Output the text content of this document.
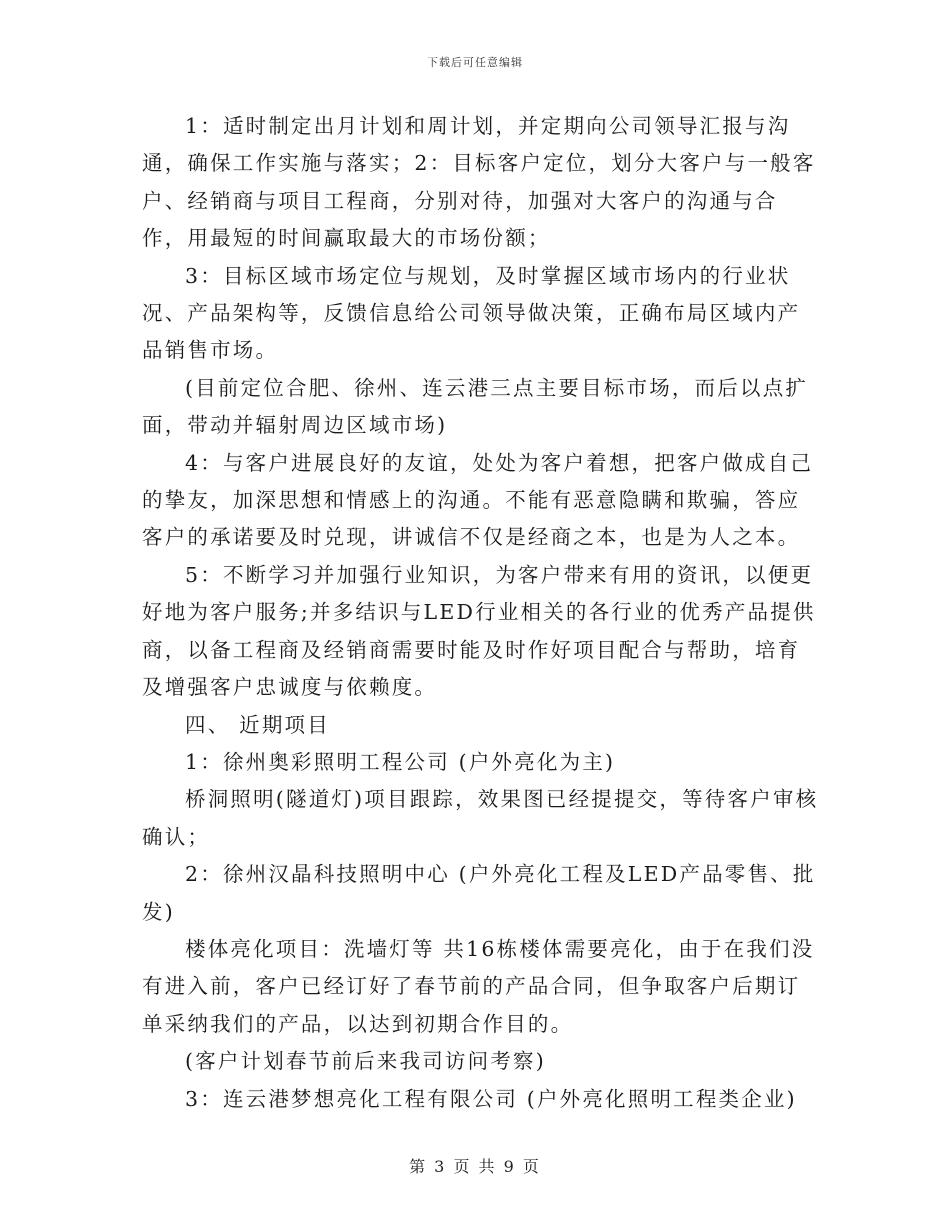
下载后可任意编辑

1：适时制定出月计划和周计划，并定期向公司领导汇报与沟通，确保工作实施与落实；2：目标客户定位，划分大客户与一般客户、经销商与项目工程商，分别对待，加强对大客户的沟通与合作，用最短的时间赢取最大的市场份额；

3：目标区域市场定位与规划，及时掌握区域市场内的行业状况、产品架构等，反馈信息给公司领导做决策，正确布局区域内产品销售市场。

(目前定位合肥、徐州、连云港三点主要目标市场，而后以点扩面，带动并辐射周边区域市场)

4：与客户进展良好的友谊，处处为客户着想，把客户做成自己的挚友，加深思想和情感上的沟通。不能有恶意隐瞒和欺骗，答应客户的承诺要及时兑现，讲诚信不仅是经商之本，也是为人之本。

5：不断学习并加强行业知识，为客户带来有用的资讯，以便更好地为客户服务;并多结识与LED行业相关的各行业的优秀产品提供商，以备工程商及经销商需要时能及时作好项目配合与帮助，培育及增强客户忠诚度与依赖度。

四、 近期项目

1：徐州奥彩照明工程公司 (户外亮化为主)

桥洞照明(隧道灯)项目跟踪，效果图已经提提交，等待客户审核确认；

2：徐州汉晶科技照明中心 (户外亮化工程及LED产品零售、批发)

楼体亮化项目：洗墙灯等 共16栋楼体需要亮化，由于在我们没有进入前，客户已经订好了春节前的产品合同，但争取客户后期订单采纳我们的产品，以达到初期合作目的。

(客户计划春节前后来我司访问考察)

3：连云港梦想亮化工程有限公司 (户外亮化照明工程类企业)

第 3 页 共 9 页
